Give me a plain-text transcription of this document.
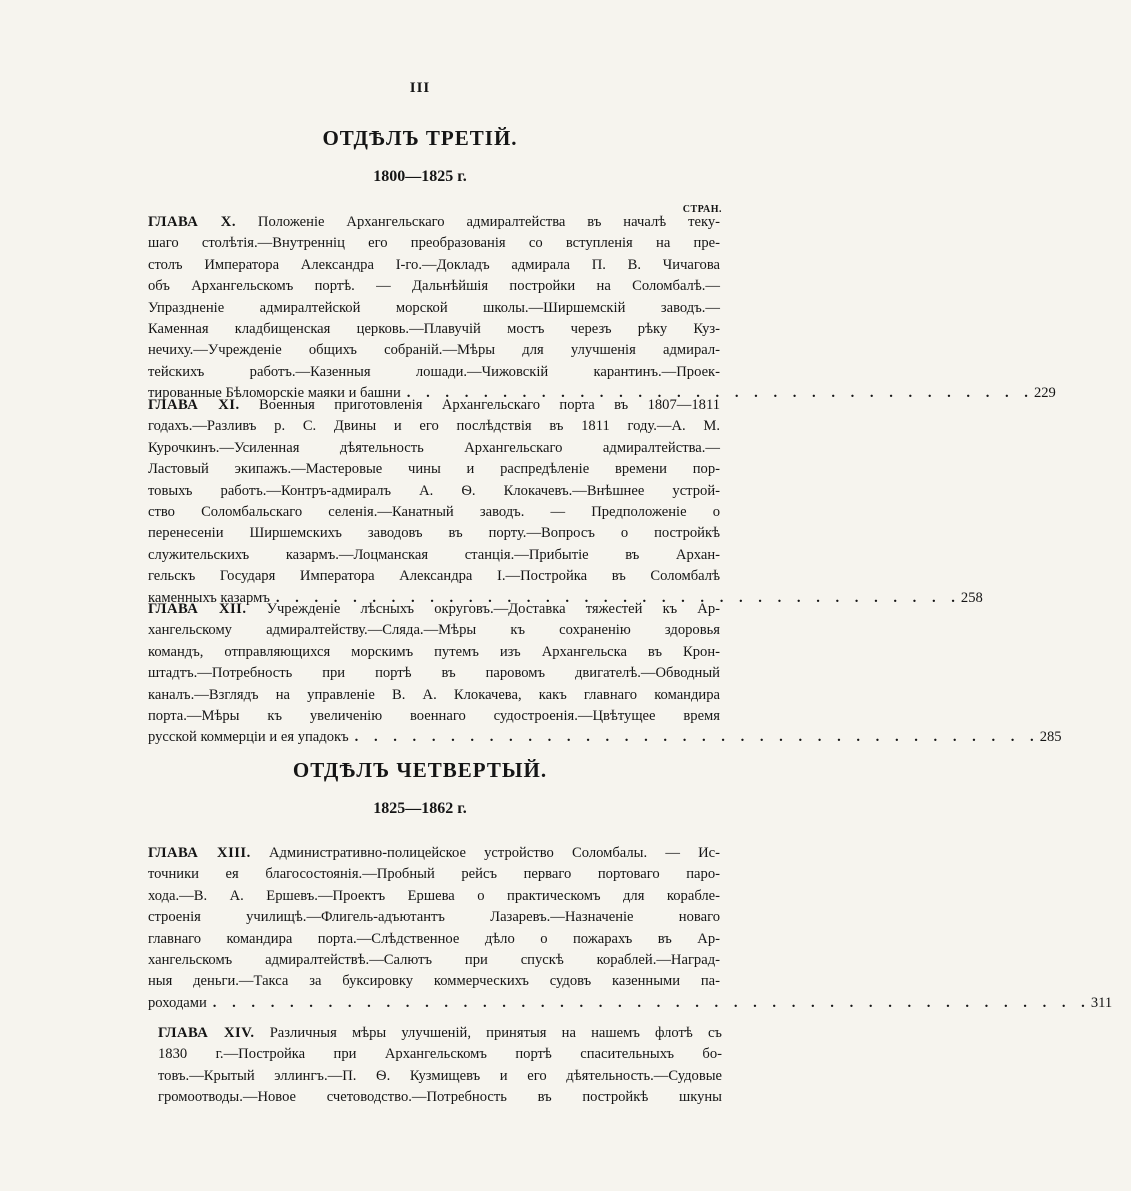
III
ОТДѢЛЪ ТРЕТІЙ.
1800—1825 г.
СТРАН.
ГЛАВА X. Положеніе Архангельскаго адмиралтейства въ началѣ теку-
шаго столѣтія.—Внутренніц его преобразованія со вступленія на пре-
столъ Императора Александра І-го.—Докладъ адмирала П. В. Чичагова
объ Архангельскомъ портѣ. — Дальнѣйшія постройки на Соломбалѣ.—
Упраздненіе адмиралтейской морской школы.—Ширшемскій заводъ.—
Каменная кладбищенская церковь.—Плавучій мостъ черезъ рѣку Куз-
нечиху.—Учрежденіе общихъ собраній.—Мѣры для улучшенія адмирал-
тейскихъ работъ.—Казенныя лошади.—Чижовскій карантинъ.—Проек-
тированные Бѣломорскіе маяки и башни . . . . . . . . . . . . . . . . . . . . . . . . . . . . . . . . . 229
ГЛАВА XI. Военныя приготовленія Архангельскаго порта въ 1807—1811
годахъ.—Разливъ р. С. Двины и его послѣдствія въ 1811 году.—А. М.
Курочкинъ.—Усиленная дѣятельность Архангельскаго адмиралтейства.—
Ластовый экипажъ.—Мастеровые чины и распредѣленіе времени пор-
товыхъ работъ.—Контръ-адмиралъ А. Ѳ. Клокачевъ.—Внѣшнее устрой-
ство Соломбальскаго селенія.—Канатный заводъ. — Предположеніе о
перенесеніи Ширшемскихъ заводовъ въ порту.—Вопросъ о постройкѣ
служительскихъ казармъ.—Лоцманская станція.—Прибытіе въ Архан-
гельскъ Государя Императора Александра І.—Постройка въ Соломбалѣ
каменныхъ казармъ . . . . . . . . . . . . . . . . . . . . . . . . . . . . . . . . . . . . 258
ГЛАВА XII. Учрежденіе лѣсныхъ округовъ.—Доставка тяжестей къ Ар-
хангельскому адмиралтейству.—Сляда.—Мѣры къ сохраненію здоровья
командъ, отправляющихся морскимъ путемъ изъ Архангельска въ Крон-
штадтъ.—Потребность при портѣ въ паровомъ двигателѣ.—Обводный
каналъ.—Взглядъ на управленіе В. А. Клокачева, какъ главнаго командира
порта.—Мѣры къ увеличенію военнаго судостроенія.—Цвѣтущее время
русской коммерціи и ея упадокъ . . . . . . . . . . . . . . . . . . . . . . . . . . . . . . . . . . . . 285
ОТДѢЛЪ ЧЕТВЕРТЫЙ.
1825—1862 г.
ГЛАВА XIII. Административно-полицейское устройство Соломбалы. — Ис-
точники ея благосостоянія.—Пробный рейсъ перваго портоваго паро-
хода.—В. А. Ершевъ.—Проектъ Ершева о практическомъ для корабле-
строенія училищѣ.—Флигель-адъютантъ Лазаревъ.—Назначеніе новаго
главнаго командира порта.—Слѣдственное дѣло о пожарахъ въ Ар-
хангельскомъ адмиралтействѣ.—Салютъ при спускѣ кораблей.—Наград-
ныя деньги.—Такса за буксировку коммерческихъ судовъ казенными па-
роходами . . . . . . . . . . . . . . . . . . . . . . . . . . . . . . . . . . . . . . . . . . . . . . 311
ГЛАВА XIV. Различныя мѣры улучшеній, принятыя на нашемъ флотѣ съ
1830 г.—Постройка при Архангельскомъ портѣ спасительныхъ бо-
товъ.—Крытый эллингъ.—П. Ѳ. Кузмищевъ и его дѣятельность.—Судовые
громоотводы.—Новое счетоводство.—Потребность въ постройкѣ шкуны
